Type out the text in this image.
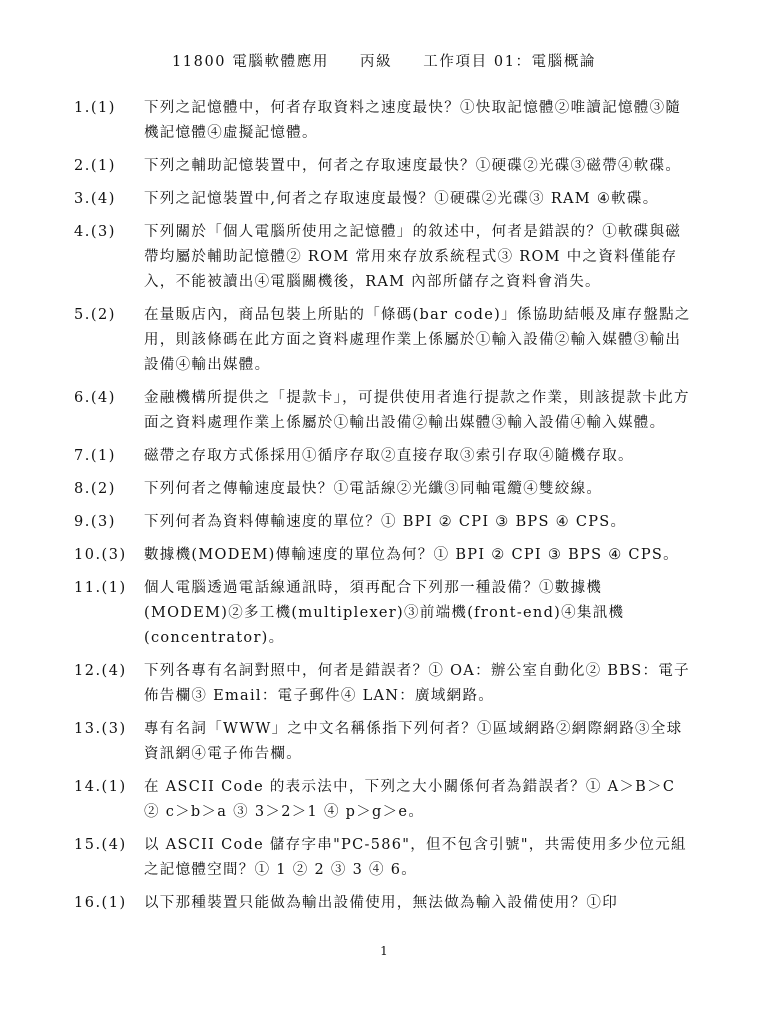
11800 電腦軟體應用 丙級 工作項目 01：電腦概論
1.(1)	下列之記憶體中，何者存取資料之速度最快？①快取記憶體②唯讀記憶體③隨機記憶體④虛擬記憶體。
2.(1)	下列之輔助記憶裝置中，何者之存取速度最快？①硬碟②光碟③磁帶④軟碟。
3.(4)	下列之記憶裝置中,何者之存取速度最慢？①硬碟②光碟③ RAM ④軟碟。
4.(3)	下列關於「個人電腦所使用之記憶體」的敘述中，何者是錯誤的？①軟碟與磁帶均屬於輔助記憶體② ROM 常用來存放系統程式③ ROM 中之資料僅能存入，不能被讀出④電腦關機後，RAM 內部所儲存之資料會消失。
5.(2)	在量販店內，商品包裝上所貼的「條碼(bar code)」係協助結帳及庫存盤點之用，則該條碼在此方面之資料處理作業上係屬於①輸入設備②輸入媒體③輸出設備④輸出媒體。
6.(4)	金融機構所提供之「提款卡」，可提供使用者進行提款之作業，則該提款卡此方面之資料處理作業上係屬於①輸出設備②輸出媒體③輸入設備④輸入媒體。
7.(1)	磁帶之存取方式係採用①循序存取②直接存取③索引存取④隨機存取。
8.(2)	下列何者之傳輸速度最快？①電話線②光纖③同軸電纜④雙絞線。
9.(3)	下列何者為資料傳輸速度的單位？① BPI ② CPI ③ BPS ④ CPS。
10.(3)	數據機(MODEM)傳輸速度的單位為何？① BPI ② CPI ③ BPS ④ CPS。
11.(1)	個人電腦透過電話線通訊時，須再配合下列那一種設備？①數據機(MODEM)②多工機(multiplexer)③前端機(front-end)④集訊機(concentrator)。
12.(4)	下列各專有名詞對照中，何者是錯誤者？① OA：辦公室自動化② BBS：電子佈告欄③ Email：電子郵件④ LAN：廣域網路。
13.(3)	專有名詞「WWW」之中文名稱係指下列何者？①區域網路②網際網路③全球資訊網④電子佈告欄。
14.(1)	在 ASCII Code 的表示法中，下列之大小關係何者為錯誤者？① A＞B＞C ② c＞b＞a ③ 3＞2＞1 ④ p＞g＞e。
15.(4)	以 ASCII Code 儲存字串"PC-586"，但不包含引號"，共需使用多少位元組之記憶體空間？① 1 ② 2 ③ 3 ④ 6。
16.(1)	以下那種裝置只能做為輸出設備使用，無法做為輸入設備使用？①印
1
